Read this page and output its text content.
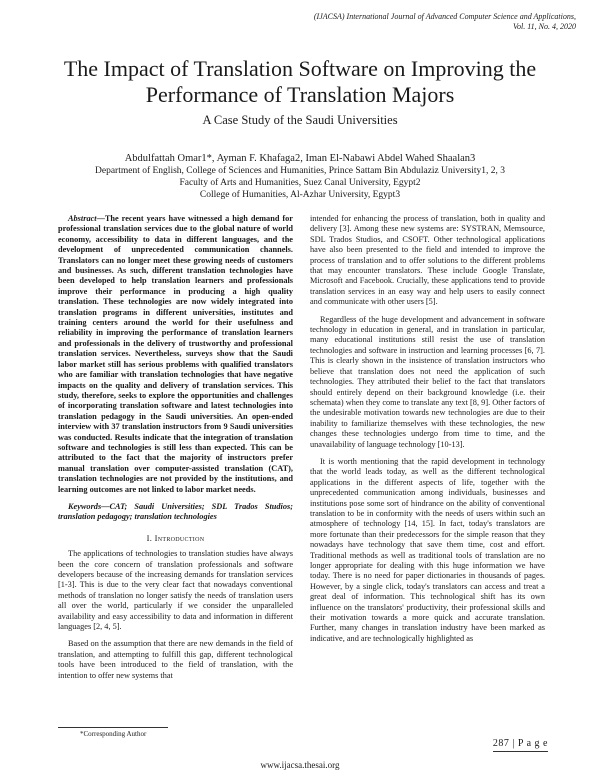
(IJACSA) International Journal of Advanced Computer Science and Applications,
Vol. 11, No. 4, 2020
The Impact of Translation Software on Improving the Performance of Translation Majors
A Case Study of the Saudi Universities
Abdulfattah Omar1*, Ayman F. Khafaga2, Iman El-Nabawi Abdel Wahed Shaalan3
Department of English, College of Sciences and Humanities, Prince Sattam Bin Abdulaziz University1, 2, 3
Faculty of Arts and Humanities, Suez Canal University, Egypt2
College of Humanities, Al-Azhar University, Egypt3

Abstract—The recent years have witnessed a high demand for professional translation services due to the global nature of world economy, accessibility to data in different languages, and the development of unprecedented communication channels. Translators can no longer meet these growing needs of customers and businesses. As such, different translation technologies have been developed to help translation learners and professionals improve their performance in producing a high quality translation. These technologies are now widely integrated into translation programs in different universities, institutes and training centers around the world for their usefulness and reliability in improving the performance of translation learners and professionals in the delivery of trustworthy and professional translation services. Nevertheless, surveys show that the Saudi labor market still has serious problems with qualified translators who are familiar with translation technologies that have negative impacts on the quality and delivery of translation services. This study, therefore, seeks to explore the opportunities and challenges of incorporating translation software and latest technologies into translation pedagogy in the Saudi universities. An open-ended interview with 37 translation instructors from 9 Saudi universities was conducted. Results indicate that the integration of translation software and technologies is still less than expected. This can be attributed to the fact that the majority of instructors prefer manual translation over computer-assisted translation (CAT), translation technologies are not provided by the institutions, and learning outcomes are not linked to labor market needs.

Keywords—CAT; Saudi Universities; SDL Trados Studios; translation pedagogy; translation technologies

I. Introduction

The applications of technologies to translation studies have always been the core concern of translation professionals and software developers because of the increasing demands for translation services [1-3]. This is due to the very clear fact that nowadays conventional methods of translation no longer satisfy the needs of translation users all over the world, particularly if we consider the unparalleled availability and easy accessibility to data and information in different languages [2, 4, 5].

Based on the assumption that there are new demands in the field of translation, and attempting to fulfill this gap, different technological tools have been introduced to the field of translation, with the intention to offer new systems that

intended for enhancing the process of translation, both in quality and delivery [3]. Among these new systems are: SYSTRAN, Memsource, SDL Trados Studios, and CSOFT. Other technological applications have also been presented to the field and intended to improve the process of translation and to offer solutions to the different problems that may encounter translators. These include Google Translate, Microsoft and Facebook. Crucially, these applications tend to provide translation services in an easy way and help users to easily connect and communicate with other users [5].

Regardless of the huge development and advancement in software technology in education in general, and in translation in particular, many educational institutions still resist the use of translation technologies and software in instruction and learning processes [6, 7]. This is clearly shown in the insistence of translation instructors who believe that translation does not need the application of such technologies. They attributed their belief to the fact that translators should entirely depend on their background knowledge (i.e. their schemata) when they come to translate any text [8, 9]. Other factors of the undesirable motivation towards new technologies are due to their inability to familiarize themselves with these technologies, the new changes these technologies undergo from time to time, and the unavailability of language technology [10-13].

It is worth mentioning that the rapid development in technology that the world leads today, as well as the different technological applications in the different aspects of life, together with the unprecedented communication among individuals, businesses and institutions pose some sort of hindrance on the ability of conventional translation to be in conformity with the needs of users within such an atmosphere of technology [14, 15]. In fact, today's translators are more fortunate than their predecessors for the simple reason that they nowadays have technology that save them time, cost and effort. Traditional methods as well as traditional tools of translation are no longer appropriate for dealing with this huge information we have today. There is no need for paper dictionaries in thousands of pages. However, by a single click, today's translators can access and treat a great deal of information. This technological shift has its own influence on the translators' productivity, their professional skills and their motivation towards a more quick and accurate translation. Further, many changes in translation industry have been marked as indicative, and are technologically highlighted as

*Corresponding Author
287 | P a g e
www.ijacsa.thesai.org
